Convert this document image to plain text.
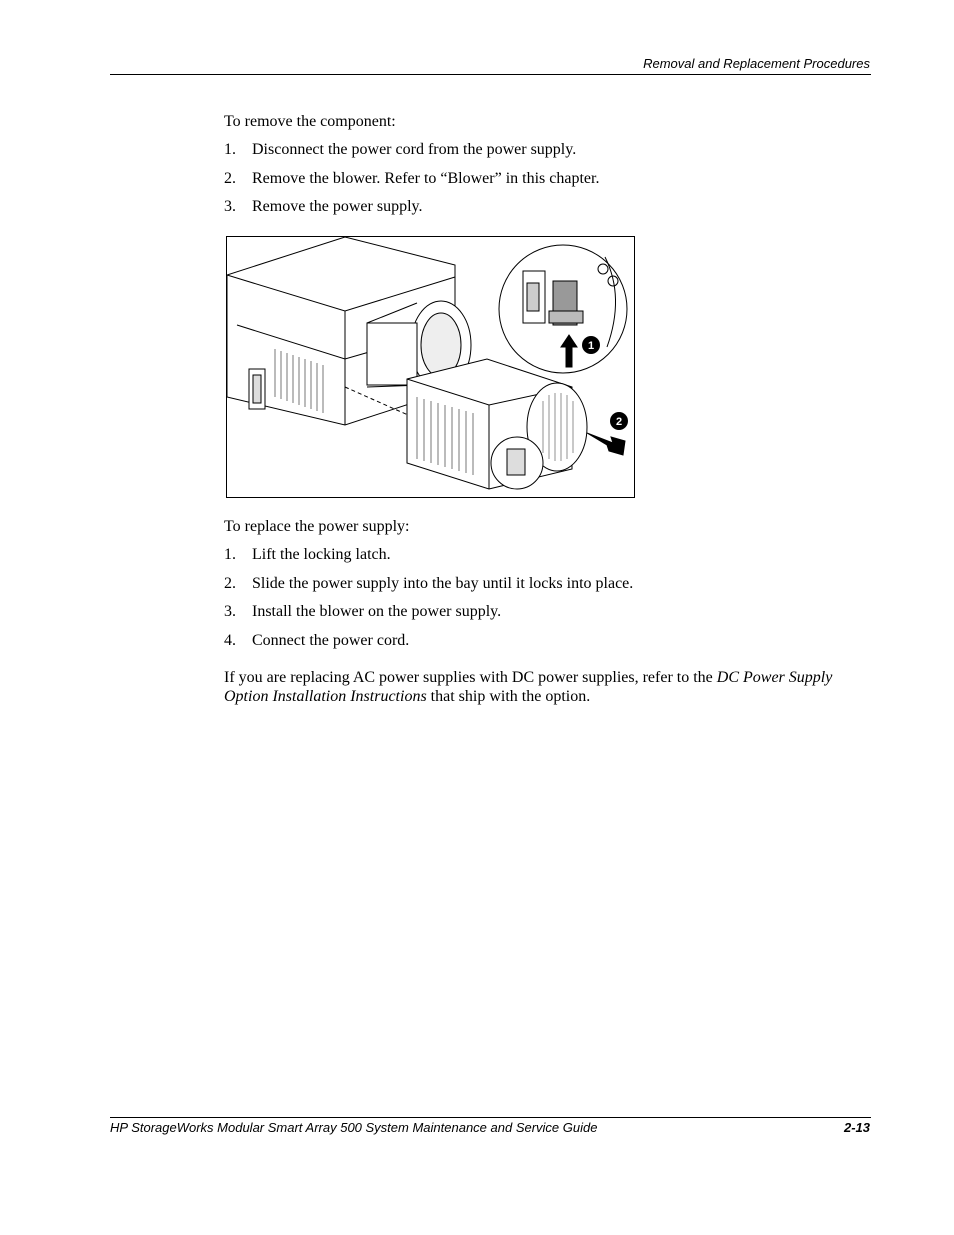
Removal and Replacement Procedures

To remove the component:

1. Disconnect the power cord from the power supply.
2. Remove the blower. Refer to “Blower” in this chapter.
3. Remove the power supply.
1
2

To replace the power supply:

1. Lift the locking latch.
2. Slide the power supply into the bay until it locks into place.
3. Install the blower on the power supply.
4. Connect the power cord.

If you are replacing AC power supplies with DC power supplies, refer to the DC Power Supply Option Installation Instructions that ship with the option.

HP StorageWorks Modular Smart Array 500 System Maintenance and Service Guide	2-13
